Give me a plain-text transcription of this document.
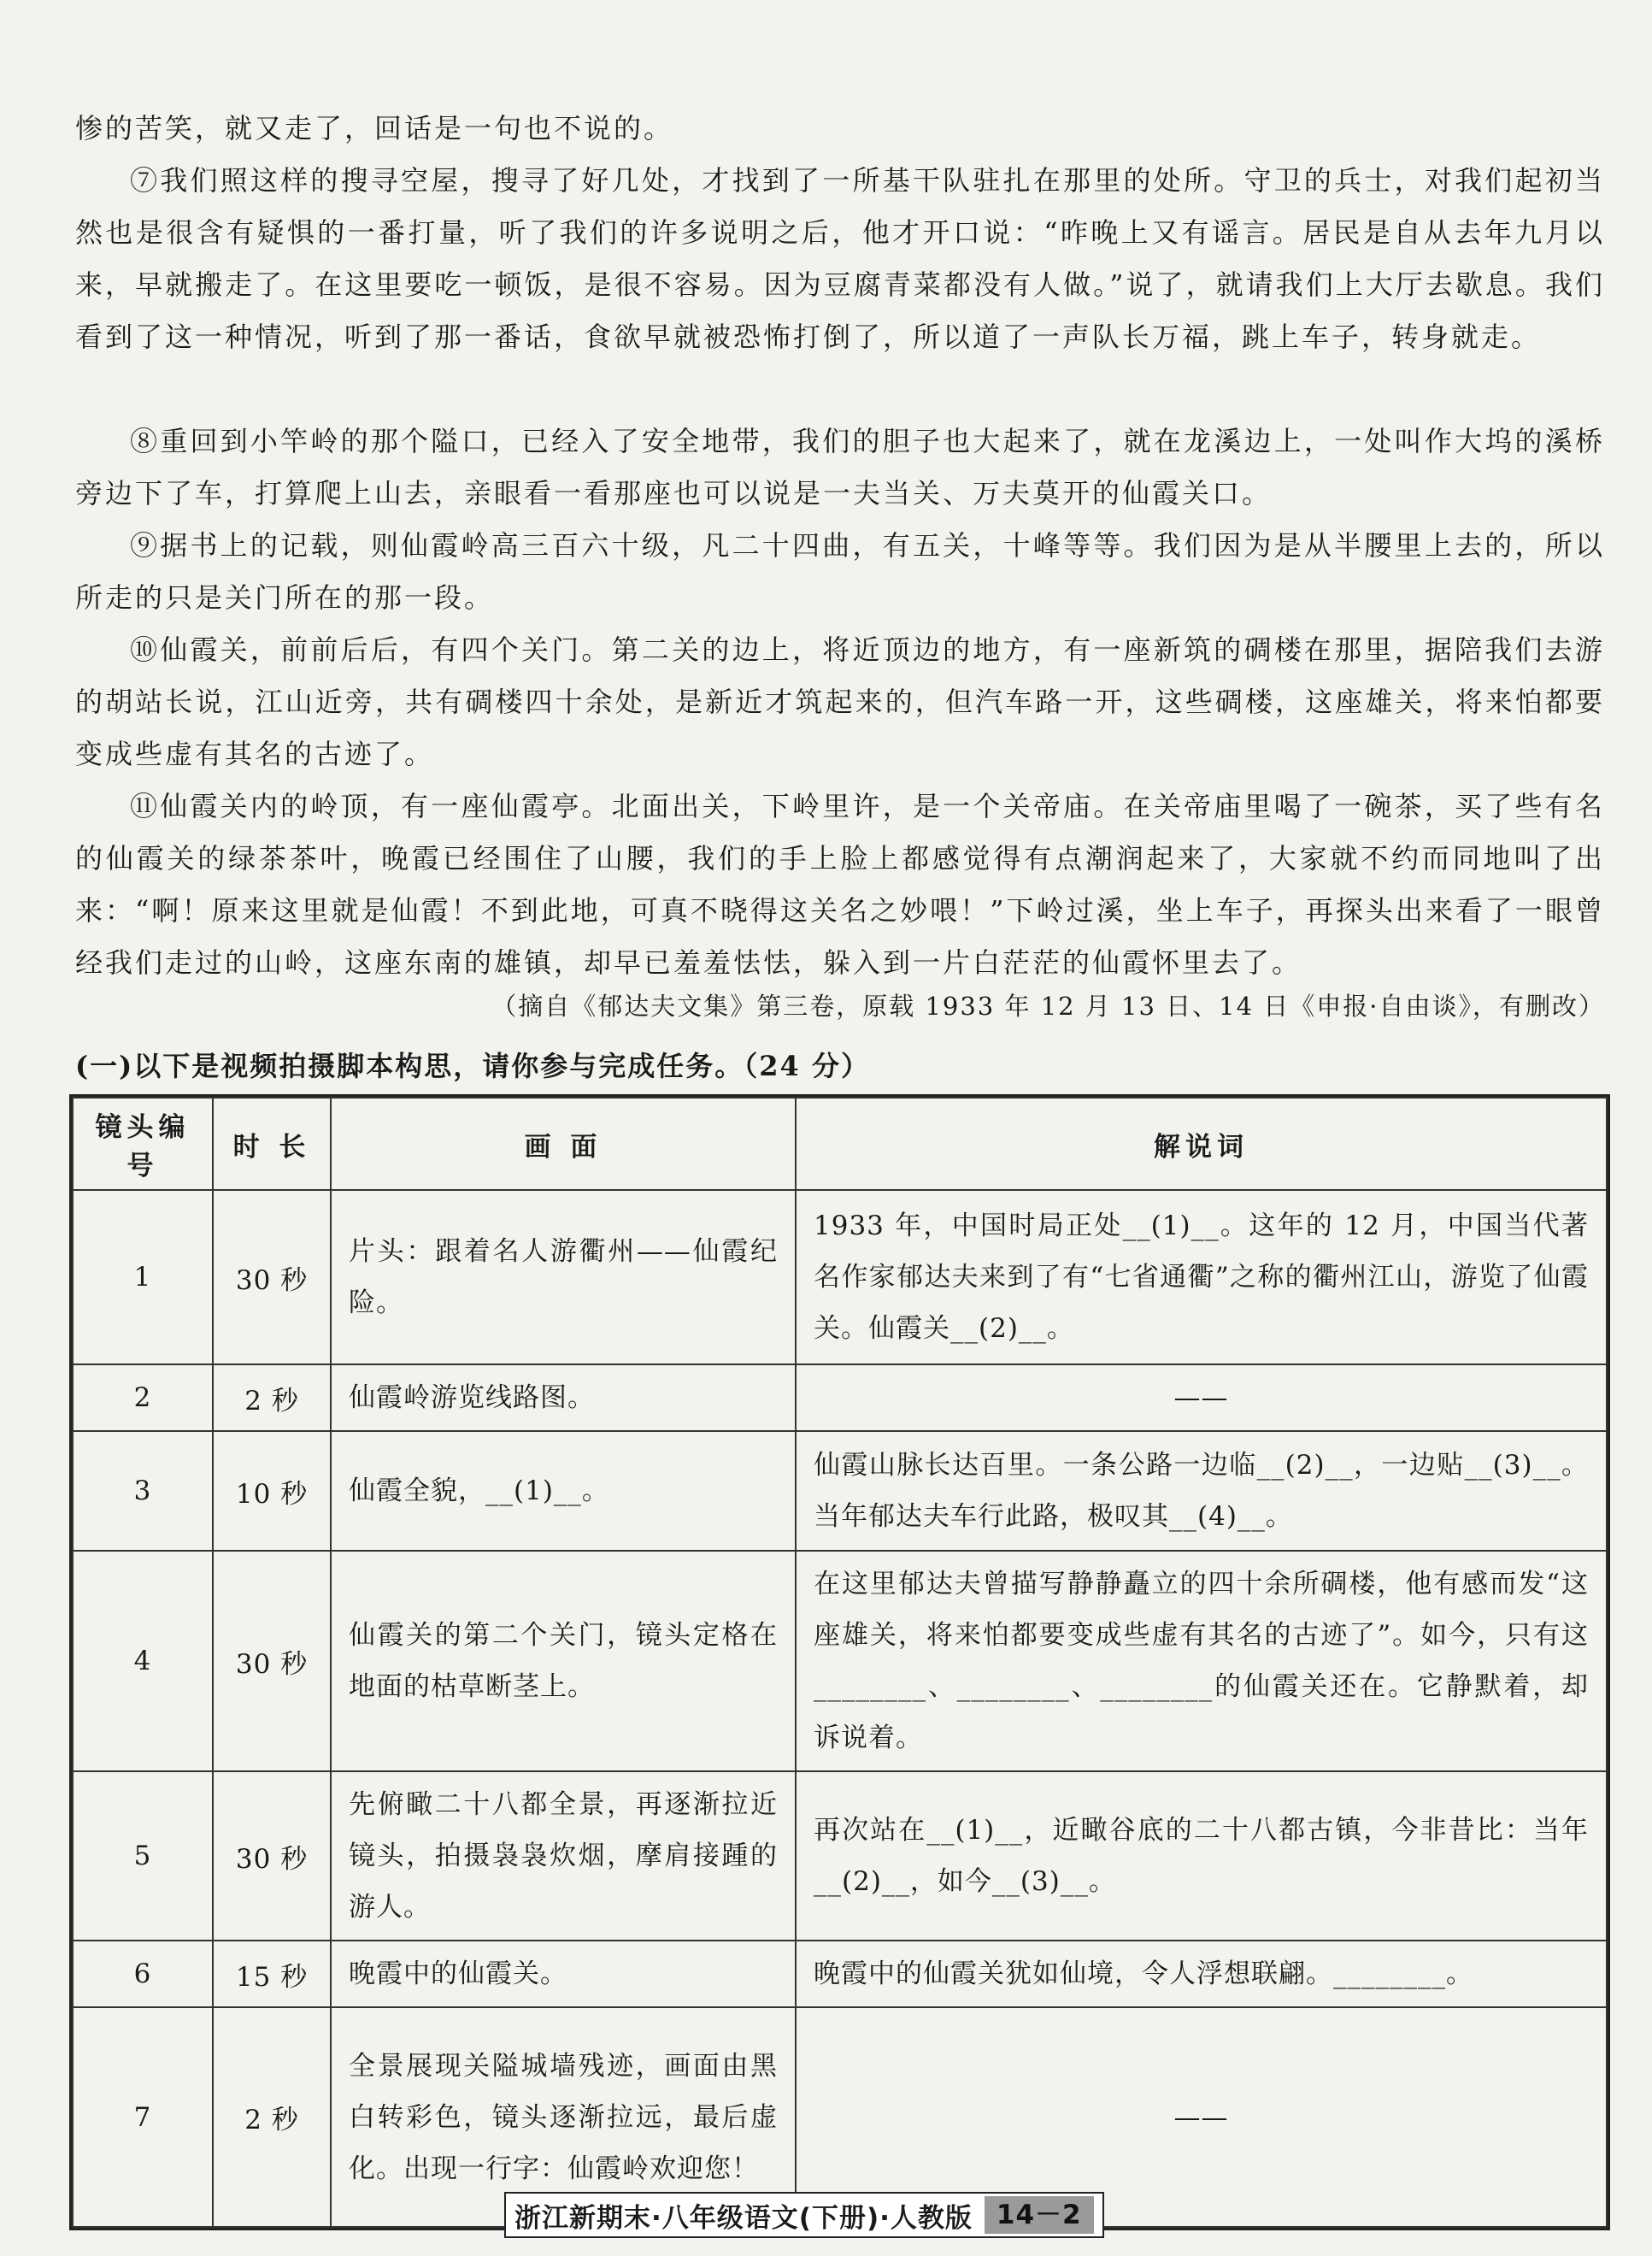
惨的苦笑，就又走了，回话是一句也不说的。

⑦我们照这样的搜寻空屋，搜寻了好几处，才找到了一所基干队驻扎在那里的处所。守卫的兵士，对我们起初当然也是很含有疑惧的一番打量，听了我们的许多说明之后，他才开口说：“昨晚上又有谣言。居民是自从去年九月以来，早就搬走了。在这里要吃一顿饭，是很不容易。因为豆腐青菜都没有人做。”说了，就请我们上大厅去歇息。我们看到了这一种情况，听到了那一番话，食欲早就被恐怖打倒了，所以道了一声队长万福，跳上车子，转身就走。

⑧重回到小竿岭的那个隘口，已经入了安全地带，我们的胆子也大起来了，就在龙溪边上，一处叫作大坞的溪桥旁边下了车，打算爬上山去，亲眼看一看那座也可以说是一夫当关、万夫莫开的仙霞关口。

⑨据书上的记载，则仙霞岭高三百六十级，凡二十四曲，有五关，十峰等等。我们因为是从半腰里上去的，所以所走的只是关门所在的那一段。

⑩仙霞关，前前后后，有四个关门。第二关的边上，将近顶边的地方，有一座新筑的碉楼在那里，据陪我们去游的胡站长说，江山近旁，共有碉楼四十余处，是新近才筑起来的，但汽车路一开，这些碉楼，这座雄关，将来怕都要变成些虚有其名的古迹了。

⑪仙霞关内的岭顶，有一座仙霞亭。北面出关，下岭里许，是一个关帝庙。在关帝庙里喝了一碗茶，买了些有名的仙霞关的绿茶茶叶，晚霞已经围住了山腰，我们的手上脸上都感觉得有点潮润起来了，大家就不约而同地叫了出来：“啊！原来这里就是仙霞！不到此地，可真不晓得这关名之妙喂！”下岭过溪，坐上车子，再探头出来看了一眼曾经我们走过的山岭，这座东南的雄镇，却早已羞羞怯怯，躲入到一片白茫茫的仙霞怀里去了。

（摘自《郁达夫文集》第三卷，原载 1933 年 12 月 13 日、14 日《申报·自由谈》，有删改）

(一)以下是视频拍摄脚本构思，请你参与完成任务。（24 分）

镜头编号	时 长	画 面	解说词
1	30 秒	片头：跟着名人游衢州——仙霞纪险。	1933 年，中国时局正处__(1)__。这年的 12 月，中国当代著名作家郁达夫来到了有“七省通衢”之称的衢州江山，游览了仙霞关。仙霞关__(2)__。
2	2 秒	仙霞岭游览线路图。	——

3	10 秒	仙霞全貌，__(1)__。	仙霞山脉长达百里。一条公路一边临__(2)__，一边贴__(3)__。当年郁达夫车行此路，极叹其__(4)__。
4	30 秒	仙霞关的第二个关门，镜头定格在地面的枯草断茎上。	在这里郁达夫曾描写静静矗立的四十余所碉楼，他有感而发“这座雄关，将来怕都要变成些虚有其名的古迹了”。如今，只有这________、________、________的仙霞关还在。它静默着，却诉说着。
5	30 秒	先俯瞰二十八都全景，再逐渐拉近镜头，拍摄袅袅炊烟，摩肩接踵的游人。	再次站在__(1)__，近瞰谷底的二十八都古镇，今非昔比：当年__(2)__，如今__(3)__。
6	15 秒	晚霞中的仙霞关。	晚霞中的仙霞关犹如仙境，令人浮想联翩。________。
7	2 秒	全景展现关隘城墙残迹，画面由黑白转彩色，镜头逐渐拉远，最后虚化。出现一行字：仙霞岭欢迎您！	——
浙江新期末·八年级语文(下册)·人教版 14－2
